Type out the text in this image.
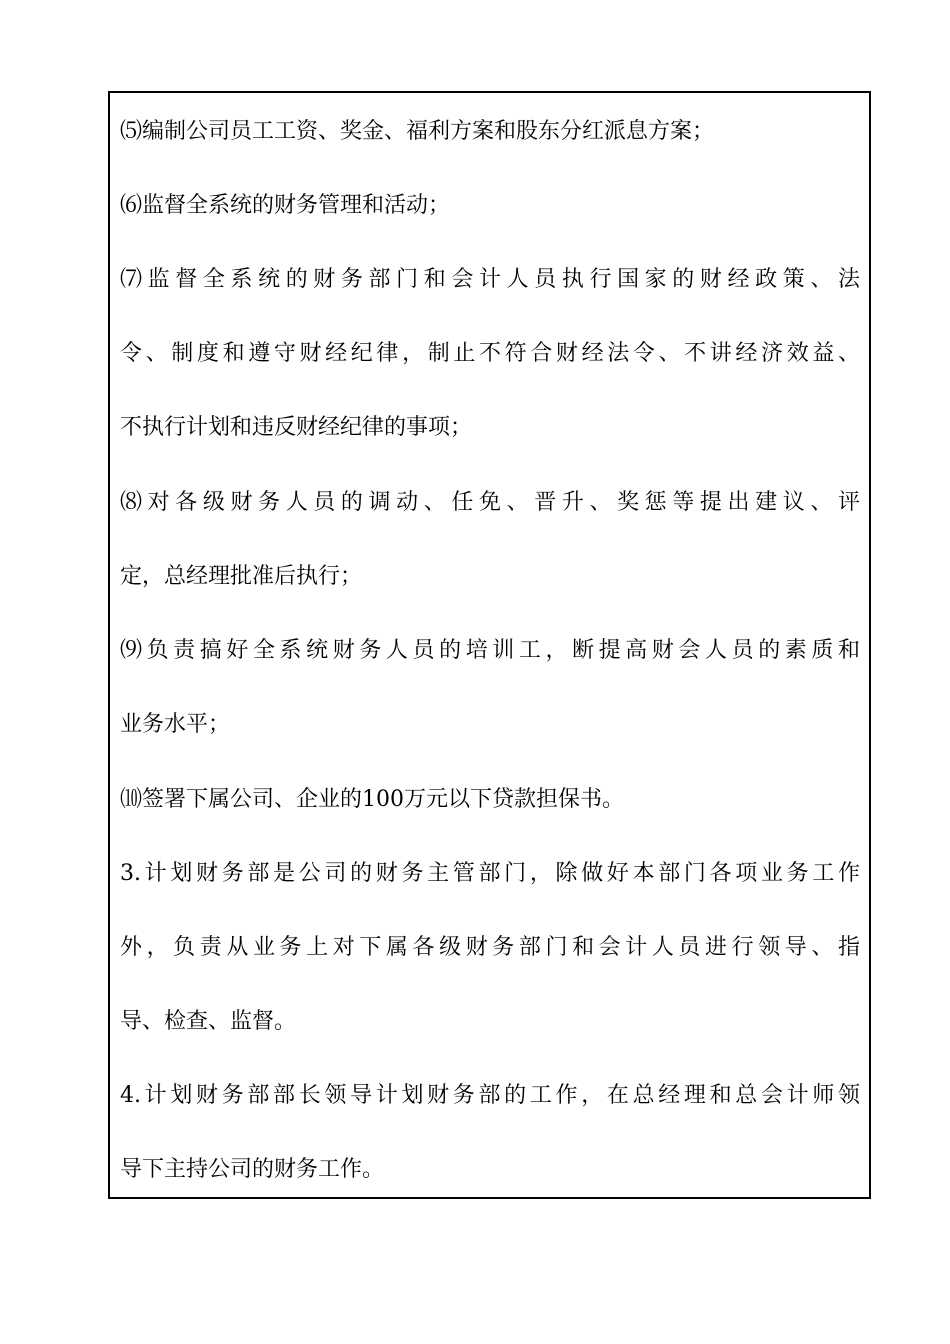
⑸编制公司员工工资、奖金、福利方案和股东分红派息方案；
⑹监督全系统的财务管理和活动；
⑺监督全系统的财务部门和会计人员执行国家的财经政策、法
令、制度和遵守财经纪律，制止不符合财经法令、不讲经济效益、
不执行计划和违反财经纪律的事项；
⑻对各级财务人员的调动、任免、晋升、奖惩等提出建议、评
定，总经理批准后执行；
⑼负责搞好全系统财务人员的培训工，断提高财会人员的素质和
业务水平；
⑽签署下属公司、企业的100万元以下贷款担保书。
3.计划财务部是公司的财务主管部门，除做好本部门各项业务工作
外，负责从业务上对下属各级财务部门和会计人员进行领导、指
导、检查、监督。
4.计划财务部部长领导计划财务部的工作，在总经理和总会计师领
导下主持公司的财务工作。
